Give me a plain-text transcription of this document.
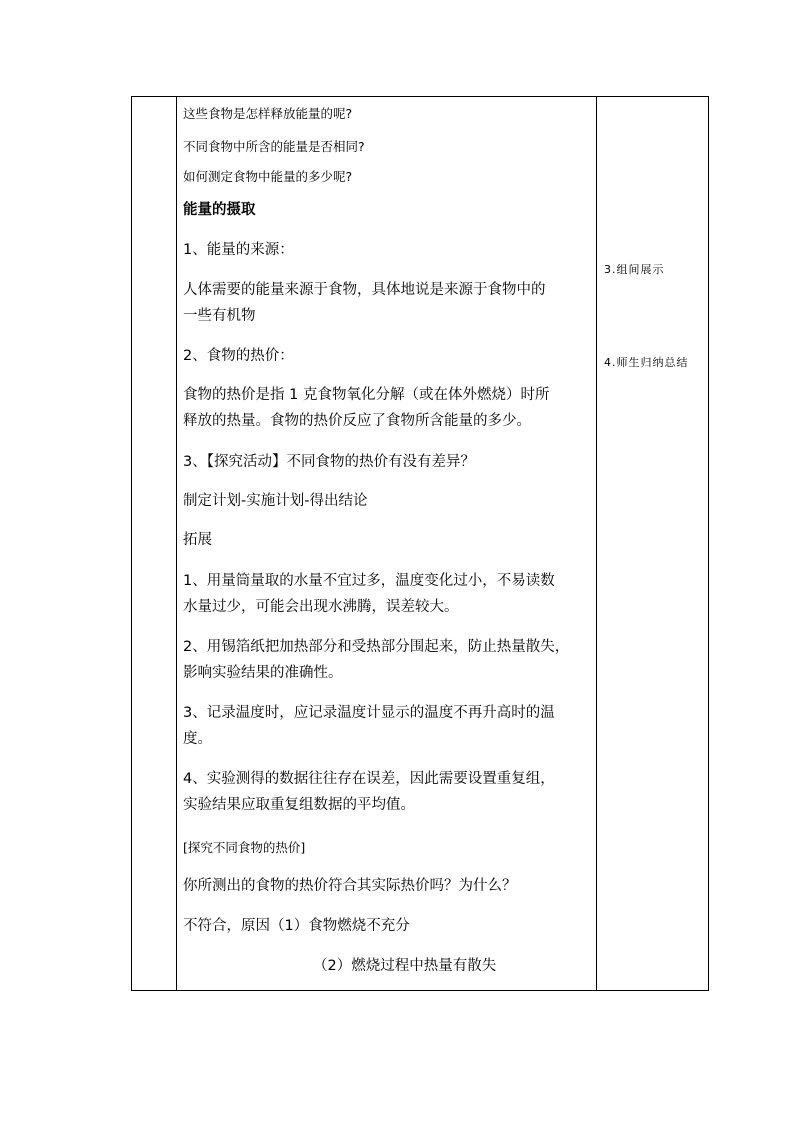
这些食物是怎样释放能量的呢?
不同食物中所含的能量是否相同?
如何测定食物中能量的多少呢?
能量的摄取
1、能量的来源：
人体需要的能量来源于食物，具体地说是来源于食物中的
一些有机物
2、食物的热价：
食物的热价是指 1 克食物氧化分解（或在体外燃烧）时所
释放的热量。食物的热价反应了食物所含能量的多少。
3、【探究活动】不同食物的热价有没有差异？
制定计划-实施计划-得出结论
拓展
1、用量筒量取的水量不宜过多，温度变化过小，不易读数
水量过少，可能会出现水沸腾，误差较大。
2、用锡箔纸把加热部分和受热部分围起来，防止热量散失，
影响实验结果的准确性。
3、记录温度时，应记录温度计显示的温度不再升高时的温
度。
4、实验测得的数据往往存在误差，因此需要设置重复组，
实验结果应取重复组数据的平均值。
[探究不同食物的热价]
你所测出的食物的热价符合其实际热价吗？为什么？
不符合，原因（1）食物燃烧不充分
（2）燃烧过程中热量有散失
3.组间展示
4.师生归纳总结
